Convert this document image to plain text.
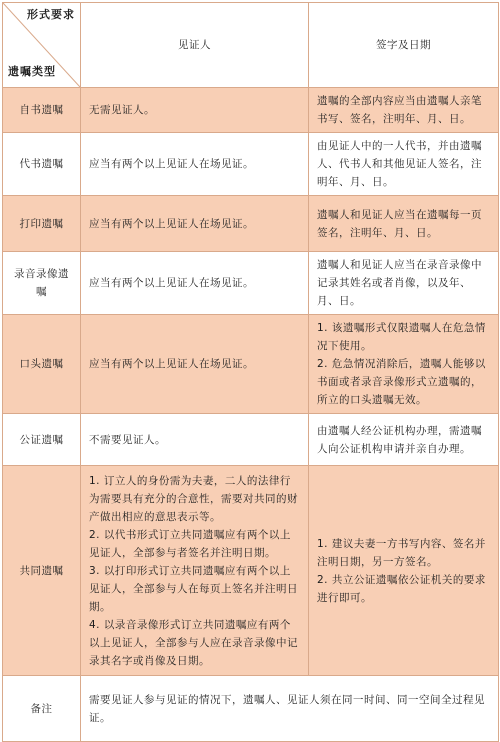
形式要求
遗嘱类型	见证人	签字及日期
自书遗嘱	无需见证人。	遗嘱的全部内容应当由遗嘱人亲笔书写、签名，注明年、月、日。

代书遗嘱	应当有两个以上见证人在场见证。	由见证人中的一人代书，并由遗嘱人、代书人和其他见证人签名，注明年、月、日。

打印遗嘱	应当有两个以上见证人在场见证。	遗嘱人和见证人应当在遗嘱每一页签名，注明年、月、日。

录音录像遗嘱	应当有两个以上见证人在场见证。	遗嘱人和见证人应当在录音录像中记录其姓名或者肖像，以及年、月、日。

口头遗嘱	应当有两个以上见证人在场见证。	1. 该遗嘱形式仅限遗嘱人在危急情况下使用。
2. 危急情况消除后，遗嘱人能够以书面或者录音录像形式立遗嘱的，所立的口头遗嘱无效。

公证遗嘱	不需要见证人。	由遗嘱人经公证机构办理，需遗嘱人向公证机构申请并亲自办理。

共同遗嘱	1. 订立人的身份需为夫妻，二人的法律行为需要具有充分的合意性，需要对共同的财产做出相应的意思表示等。
2. 以代书形式订立共同遗嘱应有两个以上见证人，全部参与者签名并注明日期。
3. 以打印形式订立共同遗嘱应有两个以上见证人，全部参与人在每页上签名并注明日期。
4. 以录音录像形式订立共同遗嘱应有两个以上见证人，全部参与人应在录音录像中记录其名字或肖像及日期。	1. 建议夫妻一方书写内容、签名并注明日期，另一方签名。
2. 共立公证遗嘱依公证机关的要求进行即可。

备注	需要见证人参与见证的情况下，遗嘱人、见证人须在同一时间、同一空间全过程见证。	
